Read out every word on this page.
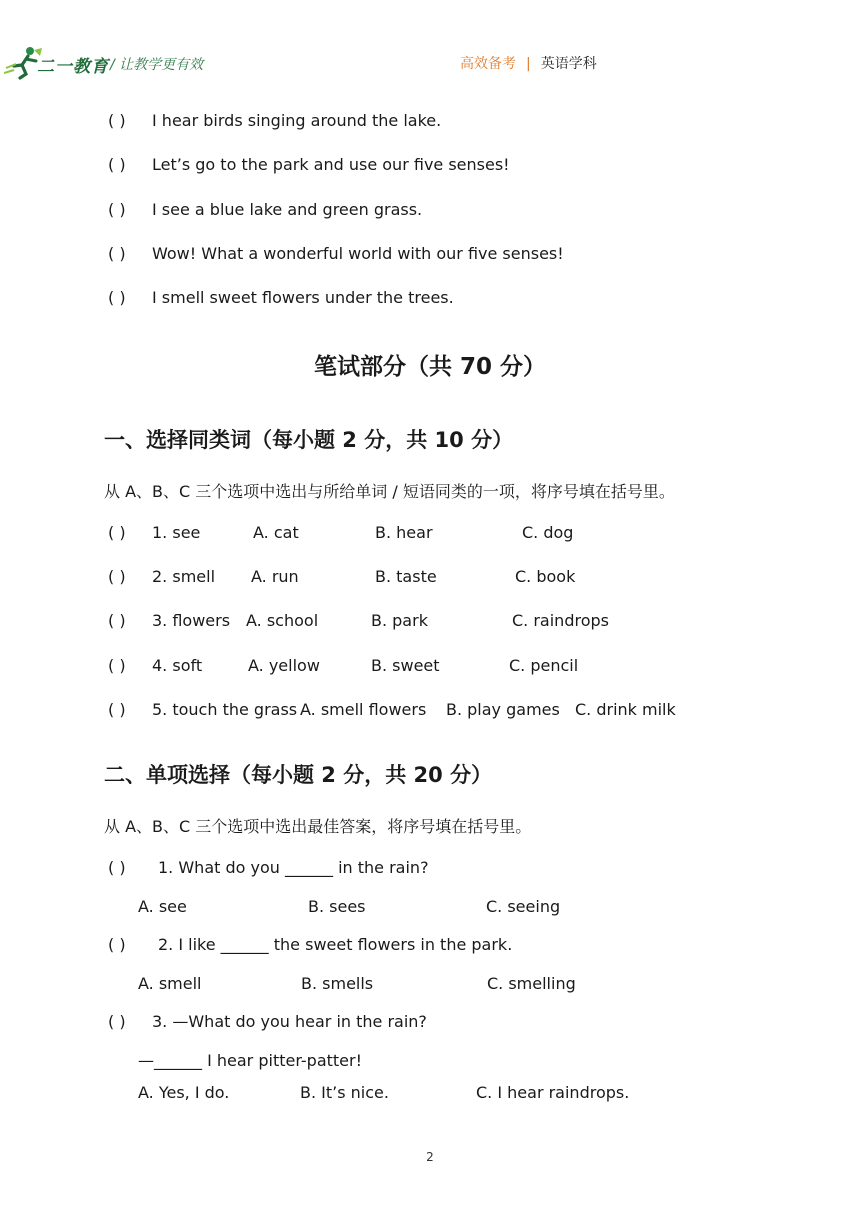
二一教育 / 让教学更有效	高效备考 | 英语学科
( ) I hear birds singing around the lake.
( ) Let’s go to the park and use our five senses!
( ) I see a blue lake and green grass.
( ) Wow! What a wonderful world with our five senses!
( ) I smell sweet flowers under the trees.
笔试部分（共 70 分）
一、选择同类词（每小题 2 分，共 10 分）
从 A、B、C 三个选项中选出与所给单词 / 短语同类的一项，将序号填在括号里。
( ) 1. see	A. cat	B. hear	C. dog
( ) 2. smell A. run	B. taste	C. book
( ) 3. flowers A. school	B. park	C. raindrops
( ) 4. soft	A. yellow	B. sweet	C. pencil
( ) 5. touch the grass A. smell flowers B. play games C. drink milk
二、单项选择（每小题 2 分，共 20 分）
从 A、B、C 三个选项中选出最佳答案，将序号填在括号里。
( ) 1. What do you ______ in the rain?
A. see	B. sees	C. seeing
( ) 2. I like ______ the sweet flowers in the park.
A. smell	B. smells	C. smelling
( ) 3. —What do you hear in the rain?
—______ I hear pitter-patter!
A. Yes, I do.	B. It’s nice.	C. I hear raindrops.
2
